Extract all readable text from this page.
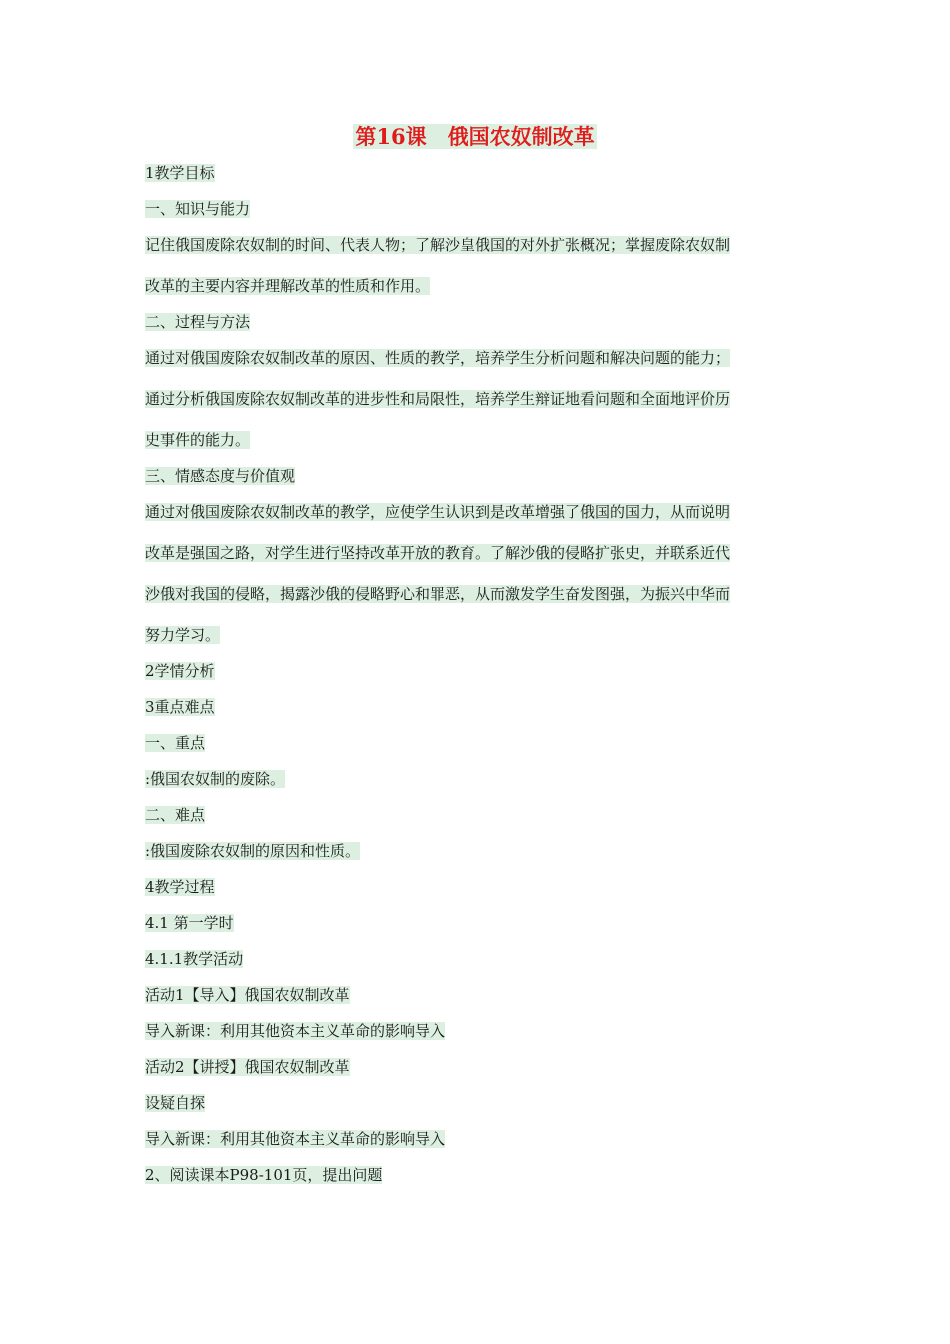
第16课　俄国农奴制改革
1教学目标
一、知识与能力
记住俄国废除农奴制的时间、代表人物；了解沙皇俄国的对外扩张概况；掌握废除农奴制
改革的主要内容并理解改革的性质和作用。
二、过程与方法
通过对俄国废除农奴制改革的原因、性质的教学，培养学生分析问题和解决问题的能力；
通过分析俄国废除农奴制改革的进步性和局限性，培养学生辩证地看问题和全面地评价历
史事件的能力。
三、情感态度与价值观
通过对俄国废除农奴制改革的教学，应使学生认识到是改革增强了俄国的国力，从而说明
改革是强国之路，对学生进行坚持改革开放的教育。了解沙俄的侵略扩张史，并联系近代
沙俄对我国的侵略，揭露沙俄的侵略野心和罪恶，从而激发学生奋发图强，为振兴中华而
努力学习。
2学情分析
3重点难点
一、重点
:俄国农奴制的废除。
二、难点
:俄国废除农奴制的原因和性质。
4教学过程
4.1 第一学时
4.1.1教学活动
活动1【导入】俄国农奴制改革
导入新课：利用其他资本主义革命的影响导入
活动2【讲授】俄国农奴制改革
设疑自探
导入新课：利用其他资本主义革命的影响导入
2、阅读课本P98-101页，提出问题
